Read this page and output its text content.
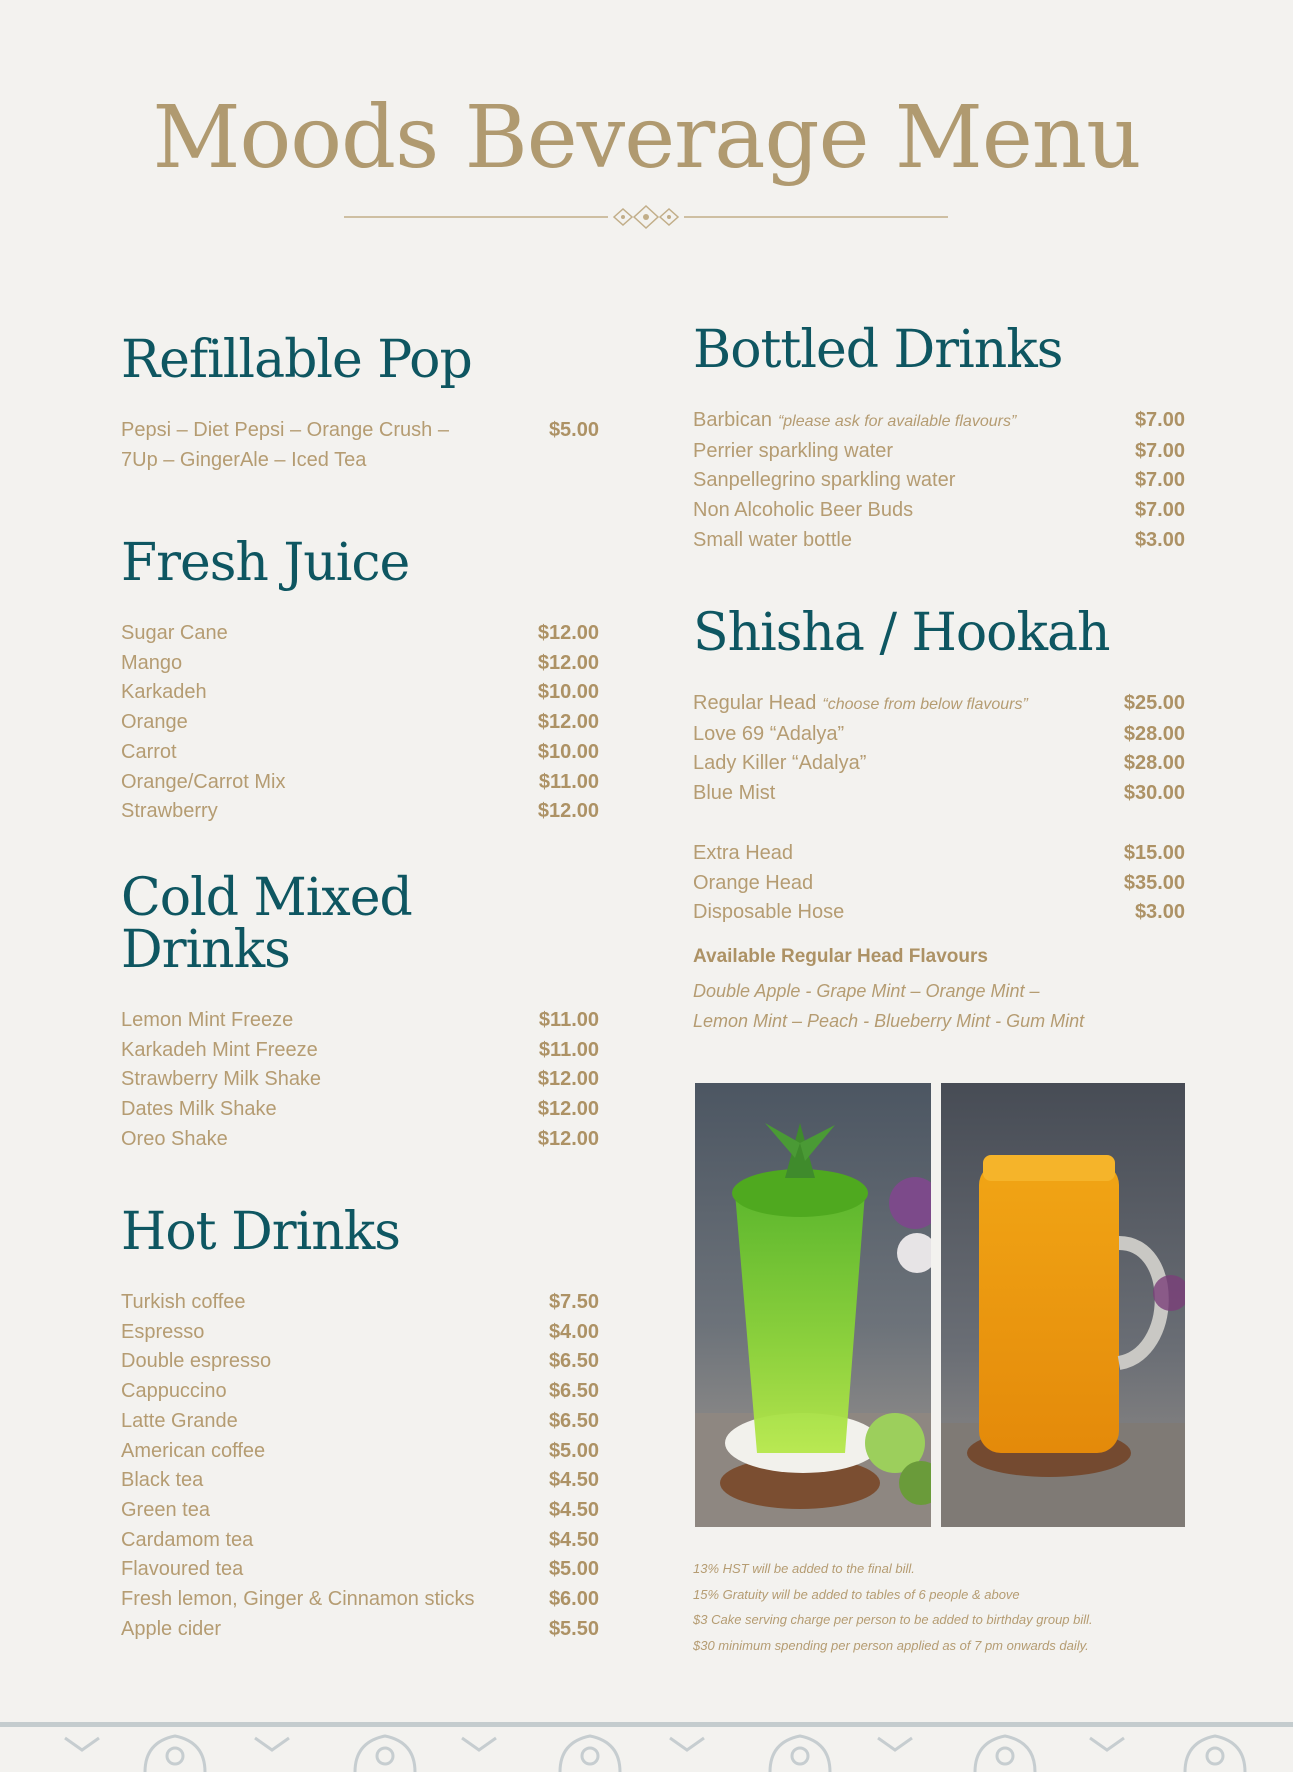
Moods Beverage Menu
Refillable Pop
Pepsi – Diet Pepsi – Orange Crush –
7Up – GingerAle – Iced Tea
$5.00
Fresh Juice
Sugar Cane	$12.00
Mango	$12.00
Karkadeh	$10.00
Orange	$12.00
Carrot	$10.00
Orange/Carrot Mix	$11.00
Strawberry	$12.00
Cold Mixed
Drinks
Lemon Mint Freeze	$11.00
Karkadeh Mint Freeze	$11.00
Strawberry Milk Shake	$12.00
Dates Milk Shake	$12.00
Oreo Shake	$12.00
Hot Drinks
Turkish coffee	$7.50
Espresso	$4.00
Double espresso	$6.50
Cappuccino	$6.50
Latte Grande	$6.50
American coffee	$5.00
Black tea	$4.50
Green tea	$4.50
Cardamom tea	$4.50
Flavoured tea	$5.00
Fresh lemon, Ginger & Cinnamon sticks	$6.00
Apple cider	$5.50
Bottled Drinks
Barbican “please ask for available flavours”	$7.00
Perrier sparkling water	$7.00
Sanpellegrino sparkling water	$7.00
Non Alcoholic Beer Buds	$7.00
Small water bottle	$3.00
Shisha / Hookah
Regular Head “choose from below flavours”	$25.00
Love 69 “Adalya”	$28.00
Lady Killer “Adalya”	$28.00
Blue Mist	$30.00
Extra Head	$15.00
Orange Head	$35.00
Disposable Hose	$3.00
Available Regular Head Flavours
Double Apple - Grape Mint – Orange Mint –
Lemon Mint – Peach - Blueberry Mint - Gum Mint
13% HST will be added to the final bill.
15% Gratuity will be added to tables of 6 people & above
$3 Cake serving charge per person to be added to birthday group bill.
$30 minimum spending per person applied as of 7 pm onwards daily.
